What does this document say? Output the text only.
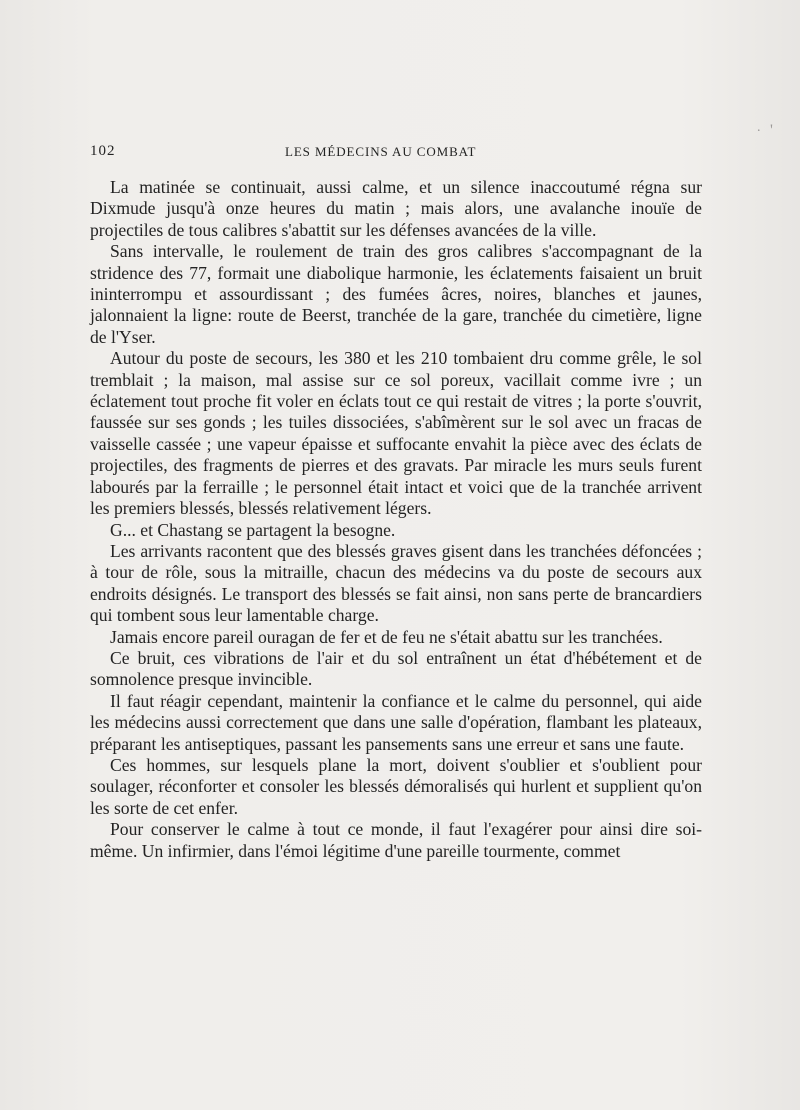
102	LES MÉDECINS AU COMBAT

La matinée se continuait, aussi calme, et un silence inaccoutumé régna sur Dixmude jusqu'à onze heures du matin ; mais alors, une avalanche inouïe de projectiles de tous calibres s'abattit sur les défenses avancées de la ville.

Sans intervalle, le roulement de train des gros calibres s'accompagnant de la stridence des 77, formait une diabolique harmonie, les éclatements faisaient un bruit ininterrompu et assourdissant ; des fumées âcres, noires, blanches et jaunes, jalonnaient la ligne: route de Beerst, tranchée de la gare, tranchée du cimetière, ligne de l'Yser.

Autour du poste de secours, les 380 et les 210 tombaient dru comme grêle, le sol tremblait ; la maison, mal assise sur ce sol poreux, vacillait comme ivre ; un éclatement tout proche fit voler en éclats tout ce qui restait de vitres ; la porte s'ouvrit, faussée sur ses gonds ; les tuiles dissociées, s'abîmèrent sur le sol avec un fracas de vaisselle cassée ; une vapeur épaisse et suffocante envahit la pièce avec des éclats de projectiles, des fragments de pierres et des gravats. Par miracle les murs seuls furent labourés par la ferraille ; le personnel était intact et voici que de la tranchée arrivent les premiers blessés, blessés relativement légers.

G... et Chastang se partagent la besogne.

Les arrivants racontent que des blessés graves gisent dans les tranchées défoncées ; à tour de rôle, sous la mitraille, chacun des médecins va du poste de secours aux endroits désignés. Le transport des blessés se fait ainsi, non sans perte de brancardiers qui tombent sous leur lamentable charge.

Jamais encore pareil ouragan de fer et de feu ne s'était abattu sur les tranchées.

Ce bruit, ces vibrations de l'air et du sol entraînent un état d'hébétement et de somnolence presque invincible.

Il faut réagir cependant, maintenir la confiance et le calme du personnel, qui aide les médecins aussi correctement que dans une salle d'opération, flambant les plateaux, préparant les antiseptiques, passant les pansements sans une erreur et sans une faute.

Ces hommes, sur lesquels plane la mort, doivent s'oublier et s'oublient pour soulager, réconforter et consoler les blessés démoralisés qui hurlent et supplient qu'on les sorte de cet enfer.

Pour conserver le calme à tout ce monde, il faut l'exagérer pour ainsi dire soi-même. Un infirmier, dans l'émoi légitime d'une pareille tourmente, commet

. '
